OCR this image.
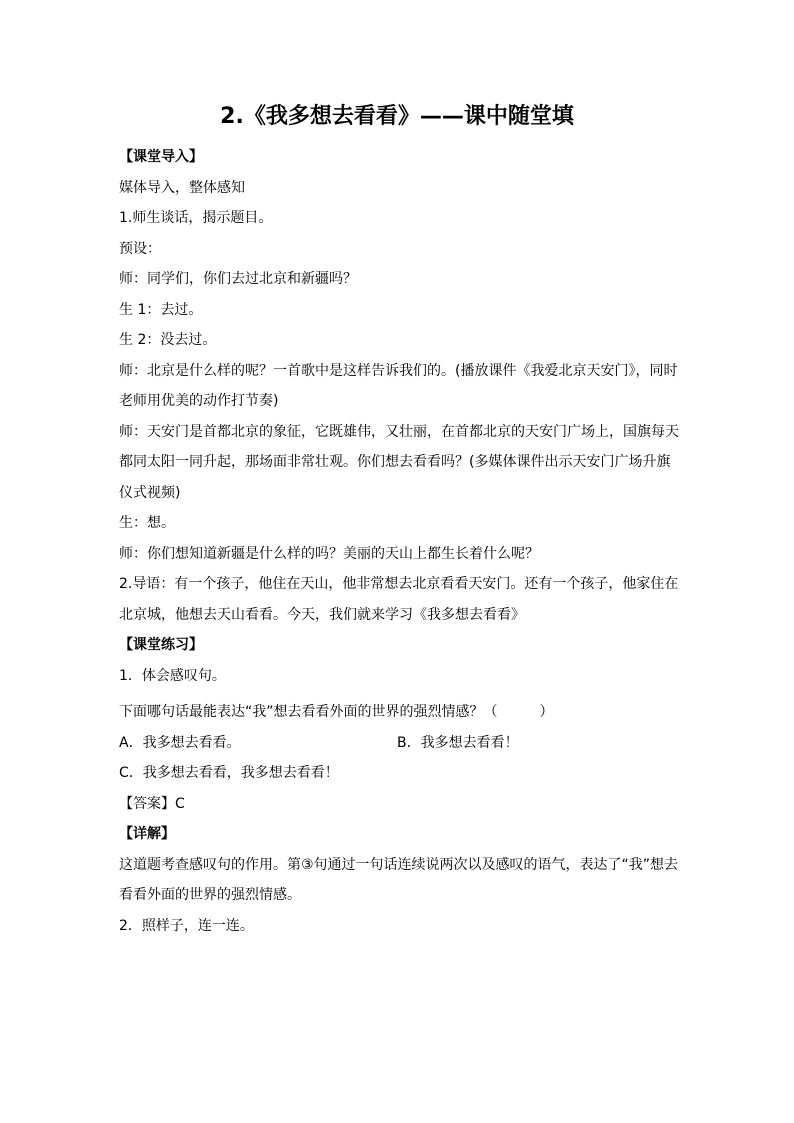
2.《我多想去看看》——课中随堂填
【课堂导入】
媒体导入，整体感知
1.师生谈话，揭示题目。
预设：
师：同学们，你们去过北京和新疆吗？
生 1：去过。
生 2：没去过。
师：北京是什么样的呢？一首歌中是这样告诉我们的。(播放课件《我爱北京天安门》，同时老师用优美的动作打节奏)
师：天安门是首都北京的象征，它既雄伟，又壮丽，在首都北京的天安门广场上，国旗每天都同太阳一同升起，那场面非常壮观。你们想去看看吗？(多媒体课件出示天安门广场升旗仪式视频)
生：想。
师：你们想知道新疆是什么样的吗？美丽的天山上都生长着什么呢？
2.导语：有一个孩子，他住在天山，他非常想去北京看看天安门。还有一个孩子，他家住在北京城，他想去天山看看。今天，我们就来学习《我多想去看看》
【课堂练习】
1．体会感叹句。
下面哪句话最能表达“我”想去看看外面的世界的强烈情感？（　　　）
A．我多想去看看。	B．我多想去看看！
C．我多想去看看，我多想去看看！
【答案】C
【详解】
这道题考查感叹句的作用。第③句通过一句话连续说两次以及感叹的语气，表达了“我”想去看看外面的世界的强烈情感。
2．照样子，连一连。
